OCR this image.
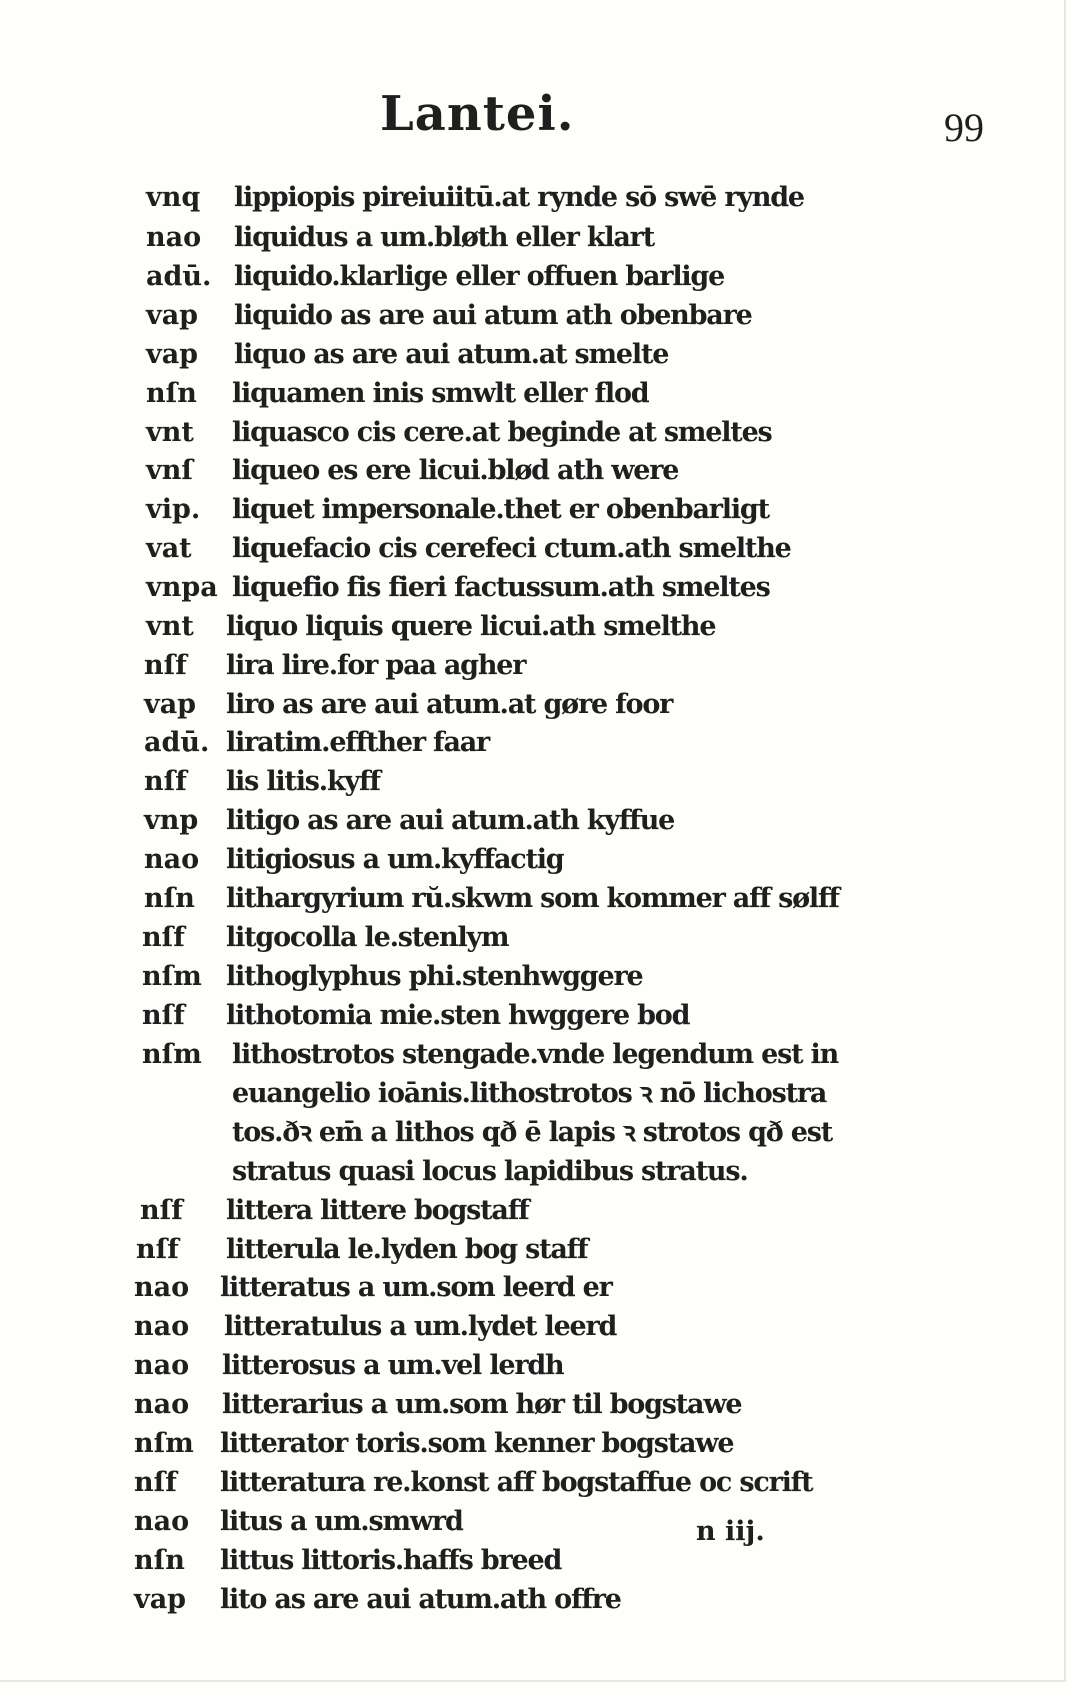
Lantei.	99
vnq lippiopis pireiuiitū.at rynde sō swē rynde
nao liquidus a um.bløth eller klart
adū. liquido.klarlige eller offuen barlige
vap liquido as are aui atum ath obenbare
vap liquo as are aui atum.at smelte
nſn liquamen inis smwlt eller flod
vnt liquasco cis cere.at beginde at smeltes
vnſ liqueo es ere licui.blød ath were
vip. liquet impersonale.thet er obenbarligt
vat liquefacio cis cerefeci ctum.ath smelthe
vnpa liquefio fis fieri factussum.ath smeltes
vnt liquo liquis quere licui.ath smelthe
nſf lira lire.for paa agher
vap liro as are aui atum.at gøre foor
adū. liratim.effther faar
nſf lis litis.kyff
vnp litigo as are aui atum.ath kyffue
nao litigiosus a um.kyffactig
nſn lithargyrium rŭ.skwm som kommer aff sølff
nſf litgocolla le.stenlym
nſm lithoglyphus phi.stenhwggere
nſf lithotomia mie.sten hwggere bod
nſm lithostrotos stengade.vnde legendum est in
euangelio ioānis.lithostrotos ꝛ nō lichostra
tos.ðꝛ em̄ a lithos qð ē lapis ꝛ strotos qð est
stratus quasi locus lapidibus stratus.
nſf littera littere bogstaff
nſf litterula le.lyden bog staff
nao litteratus a um.som leerd er
nao litteratulus a um.lydet leerd
nao litterosus a um.vel lerdh
nao litterarius a um.som hør til bogstawe
nſm litterator toris.som kenner bogstawe
nſf litteratura re.konst aff bogstaffue oc scrift
nao litus a um.smwrd
nſn littus littoris.haffs breed
vap lito as are aui atum.ath offre
n iij.
